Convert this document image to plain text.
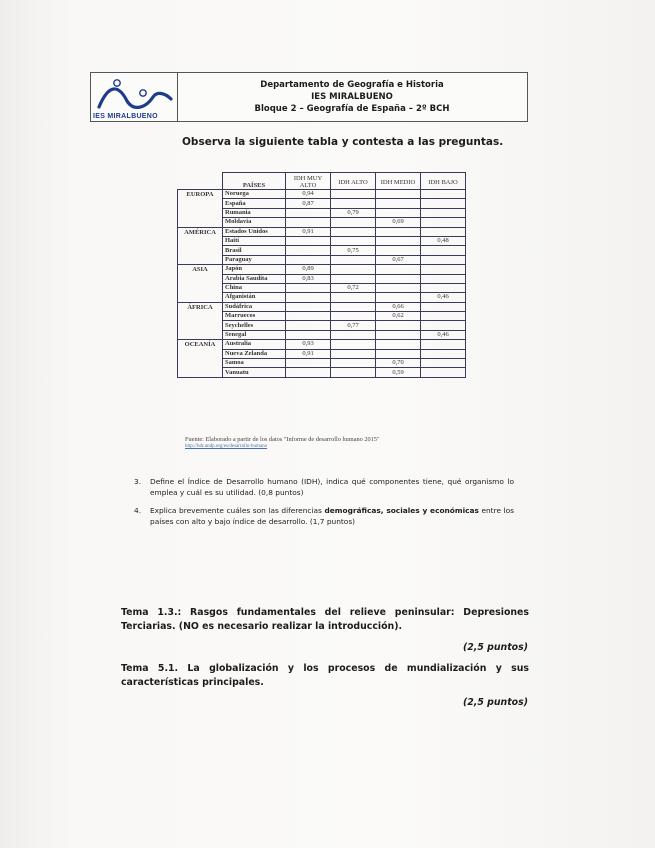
IES MIRALBUENO
Departamento de Geografía e Historia
IES MIRALBUENO
Bloque 2 – Geografía de España – 2º BCH
Observa la siguiente tabla y contesta a las preguntas.
	PAÍSES	IDH MUY ALTO	IDH ALTO	IDH MEDIO	IDH BAJO
EUROPA	Noruega	0,94			
	España	0,87			
	Rumania		0,79		
	Moldavia			0,69	
AMÉRICA	Estados Unidos	0,91			
	Haití				0,48
	Brasil		0,75		
	Paraguay			0,67	
ASIA	Japón	0,89			
	Arabia Saudita	0,83			
	China		0,72		
	Afganistán				0,46
ÁFRICA	Sudáfrica			0,66	
	Marruecos			0,62	
	Seychelles		0,77		
	Senegal				0,46
OCEANÍA	Australia	0,93			
	Nueva Zelanda	0,91			
	Samoa			0,70	
	Vanuatu			0,59	
Fuente: Elaborado a partir de los datos "Informe de desarrollo humano 2015"
http://hdr.undp.org/es/desarrollo-humano
3. Define el Índice de Desarrollo humano (IDH), indica qué componentes tiene, qué organismo lo emplea y cuál es su utilidad. (0,8 puntos)
4. Explica brevemente cuáles son las diferencias demográficas, sociales y económicas entre los países con alto y bajo índice de desarrollo. (1,7 puntos)
Tema 1.3.: Rasgos fundamentales del relieve peninsular: Depresiones Terciarias. (NO es necesario realizar la introducción).
(2,5 puntos)
Tema 5.1. La globalización y los procesos de mundialización y sus características principales.
(2,5 puntos)
